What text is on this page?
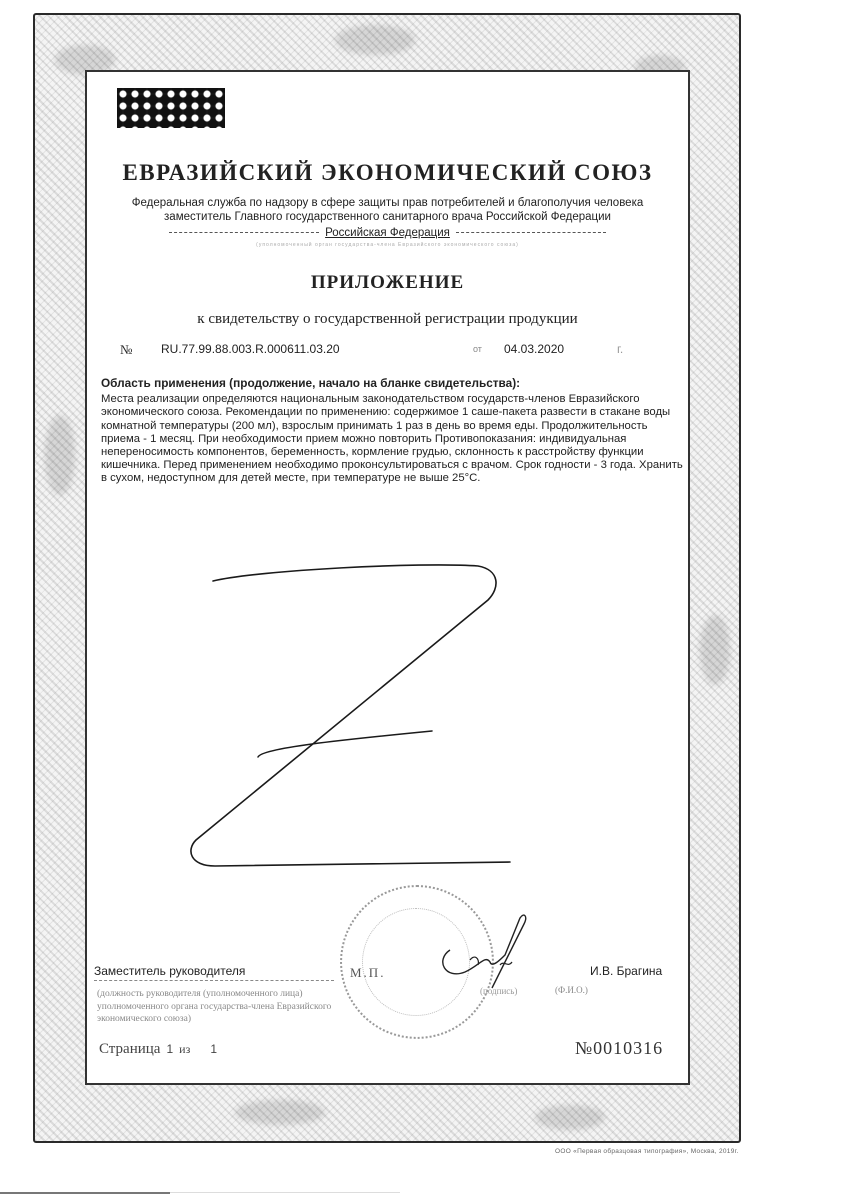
ЕВРАЗИЙСКИЙ ЭКОНОМИЧЕСКИЙ СОЮЗ
Федеральная служба по надзору в сфере защиты прав потребителей и благополучия человека
заместитель Главного государственного санитарного врача Российской Федерации
Российская Федерация
(уполномоченный орган государства-члена Евразийского экономического союза)
ПРИЛОЖЕНИЕ
к свидетельству о государственной регистрации продукции
№ RU.77.99.88.003.R.000611.03.20	от 04.03.2020	г.
Область применения (продолжение, начало на бланке свидетельства):
Места реализации определяются национальным законодательством государств-членов Евразийского экономического союза. Рекомендации по применению: содержимое 1 саше-пакета развести в стакане воды комнатной температуры (200 мл), взрослым принимать 1 раз в день во время еды. Продолжительность приема - 1 месяц. При необходимости прием можно повторить Противопоказания: индивидуальная непереносимость компонентов, беременность, кормление грудью, склонность к расстройству функции кишечника. Перед применением необходимо проконсультироваться с врачом. Срок годности - 3 года. Хранить в сухом, недоступном для детей месте, при температуре не выше 25°C.
Заместитель руководителя	М.П.	И.В. Брагина
(должность руководителя (уполномоченного лица) уполномоченного органа государства-члена Евразийского экономического союза)
(подпись)	(Ф.И.О.)
Страница 1 из 1	№0010316
ООО «Первая образцовая типография», Москва, 2019г.
